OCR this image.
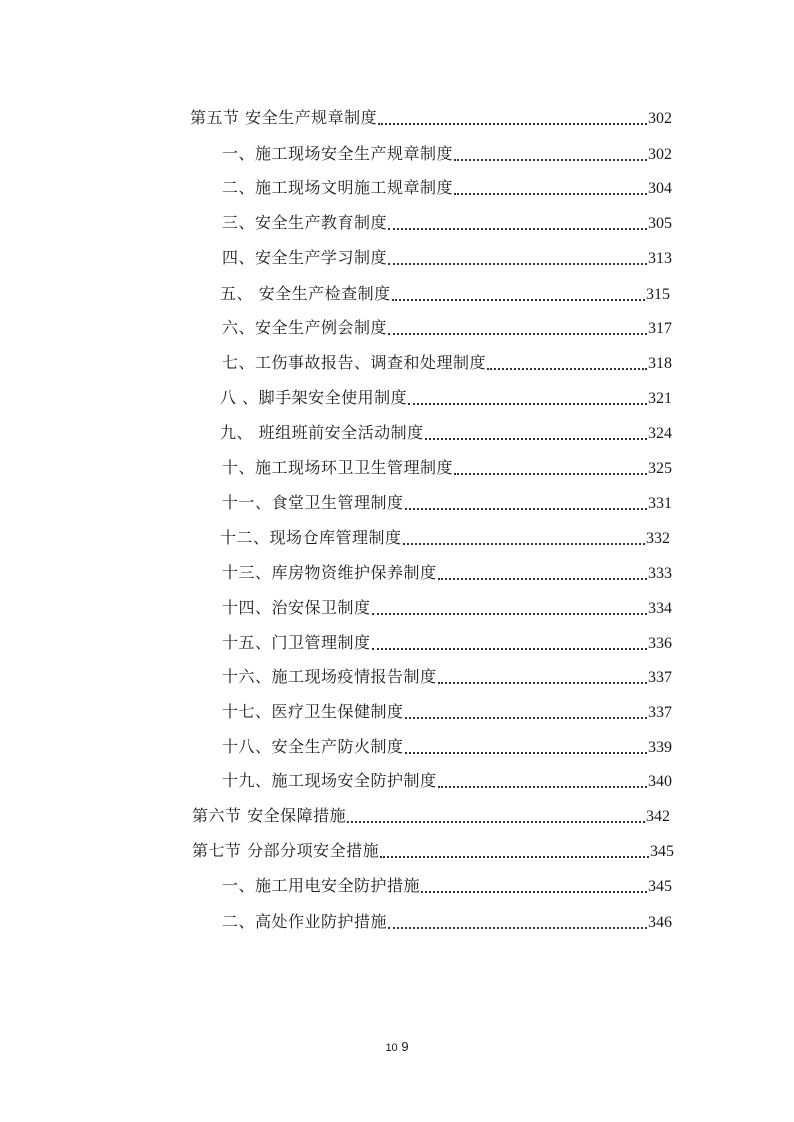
第五节 安全生产规章制度	302
一、施工现场安全生产规章制度	302
二、施工现场文明施工规章制度	304
三、安全生产教育制度	305
四、安全生产学习制度	313
五、 安全生产检查制度	315
六、安全生产例会制度	317
七、工伤事故报告、调查和处理制度	318
八 、脚手架安全使用制度	321
九、 班组班前安全活动制度	324
十、施工现场环卫卫生管理制度	325
十一、食堂卫生管理制度	331
十二、现场仓库管理制度	332
十三、库房物资维护保养制度	333
十四、治安保卫制度	334
十五、门卫管理制度	336
十六、施工现场疫情报告制度	337
十七、医疗卫生保健制度	337
十八、安全生产防火制度	339
十九、施工现场安全防护制度	340
第六节 安全保障措施	342
第七节 分部分项安全措施	345
一、施工用电安全防护措施	345
二、高处作业防护措施	346
10 9
